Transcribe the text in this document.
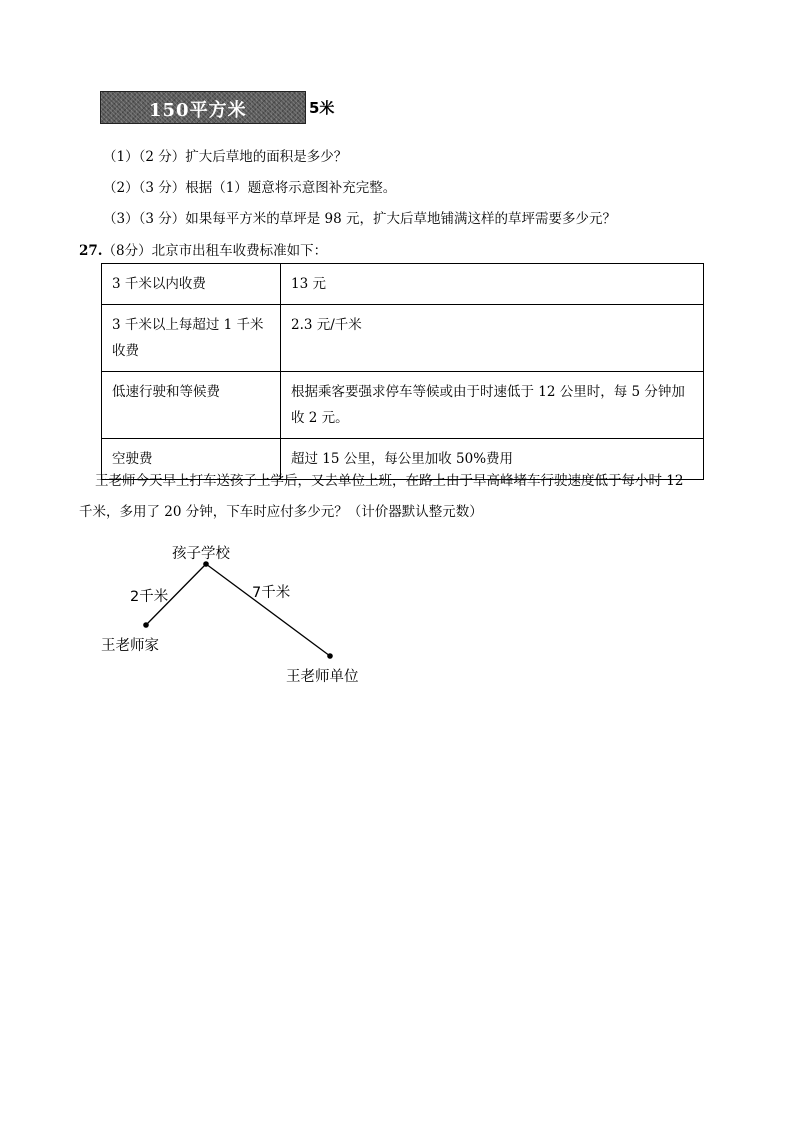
150平方米	5米
（1）（2 分）扩大后草地的面积是多少？
（2）（3 分）根据（1）题意将示意图补充完整。
（3）（3 分）如果每平方米的草坪是 98 元，扩大后草地铺满这样的草坪需要多少元？
27.（8分）北京市出租车收费标准如下：
3 千米以内收费	13 元
3 千米以上每超过 1 千米收费	2.3 元/千米
低速行驶和等候费	根据乘客要强求停车等候或由于时速低于 12 公里时，每 5 分钟加收 2 元。
空驶费	超过 15 公里，每公里加收 50%费用
王老师今天早上打车送孩子上学后，又去单位上班，在路上由于早高峰堵车行驶速度低于每小时 12
千米，多用了 20 分钟，下车时应付多少元？（计价器默认整元数）
孩子学校
2千米	7千米
王老师家
王老师单位
